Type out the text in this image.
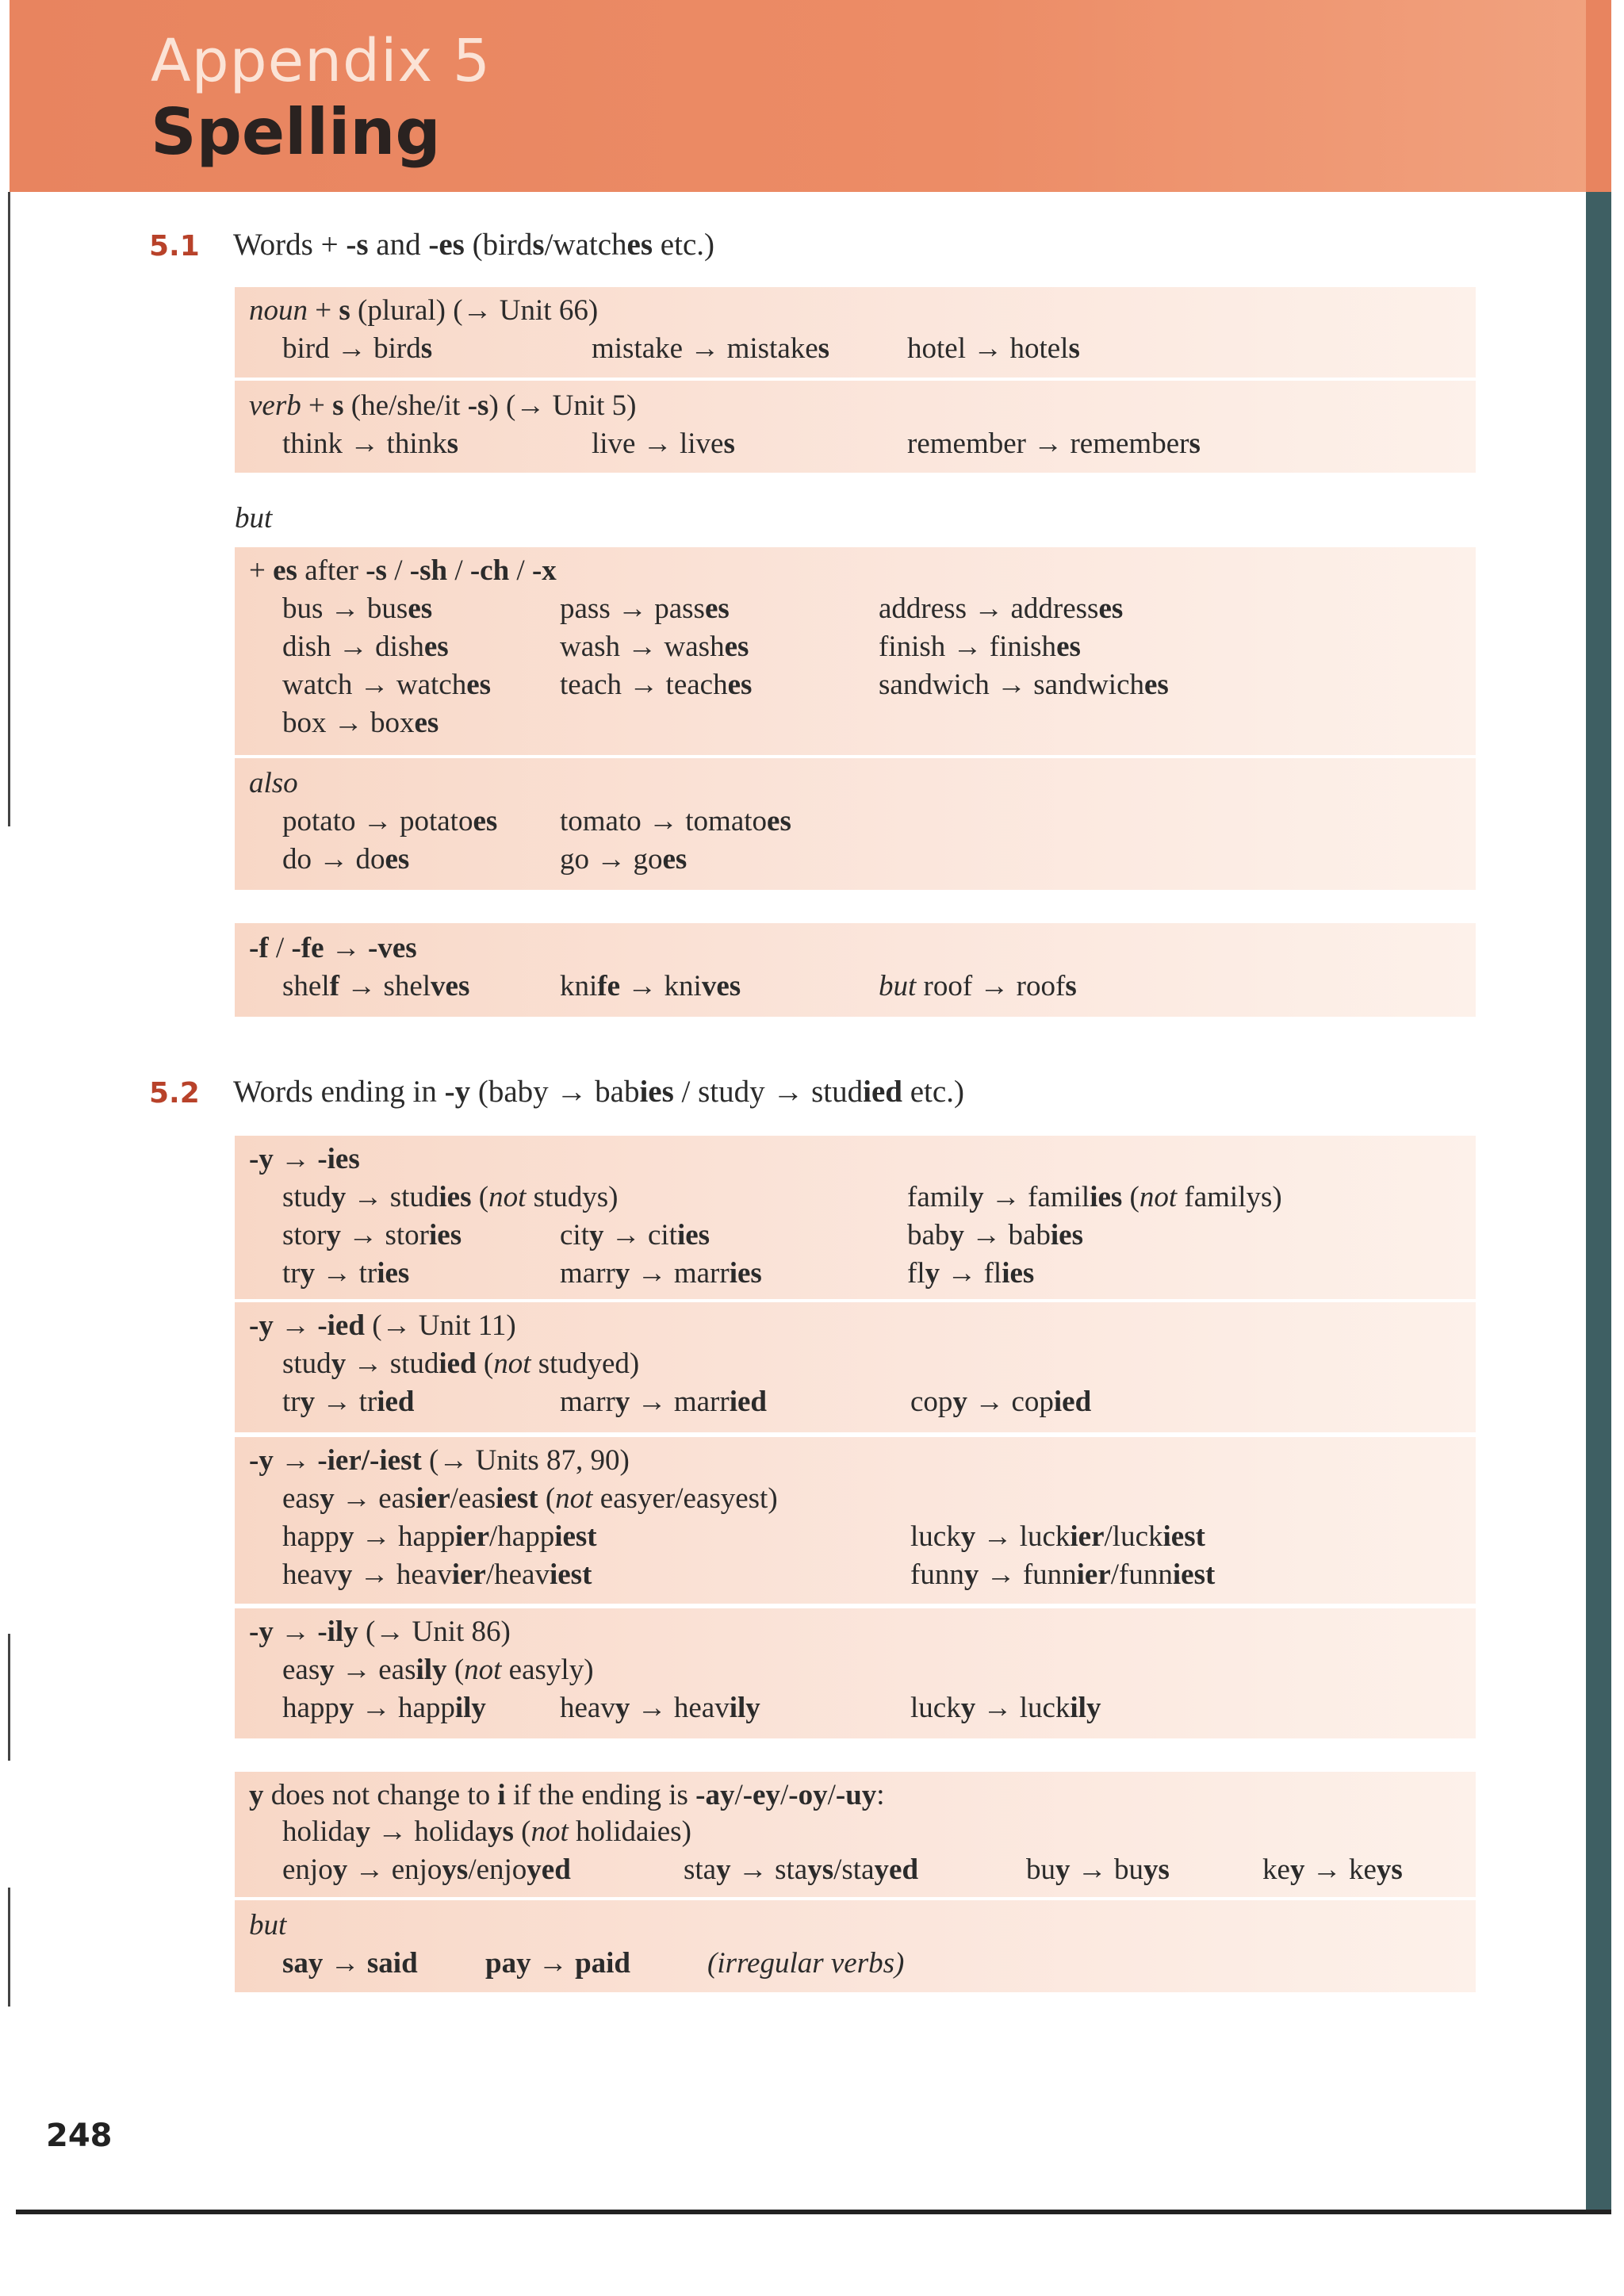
Appendix 5
Spelling
5.1 Words + -s and -es (birds/watches etc.)
noun + s (plural) (→ Unit 66)
bird → birds	mistake → mistakes	hotel → hotels
verb + s (he/she/it -s) (→ Unit 5)
think → thinks	live → lives	remember → remembers
but
+ es after -s / -sh / -ch / -x
bus → buses	pass → passes	address → addresses
dish → dishes	wash → washes	finish → finishes
watch → watches teach → teaches	sandwich → sandwiches
box → boxes
also
potato → potatoes tomato → tomatoes
do → does	go → goes
-f / -fe → -ves
shelf → shelves	knife → knives	but roof → roofs
5.2 Words ending in -y (baby → babies / study → studied etc.)
-y → -ies
study → studies (not studys)	family → families (not familys)
story → stories	city → cities	baby → babies
try → tries	marry → marries	fly → flies
-y → -ied (→ Unit 11)
study → studied (not studyed)
try → tried	marry → married	copy → copied
-y → -ier/-iest (→ Units 87, 90)
easy → easier/easiest (not easyer/easyest)
happy → happier/happiest	lucky → luckier/luckiest
heavy → heavier/heaviest	funny → funnier/funniest
-y → -ily (→ Unit 86)
easy → easily (not easyly)
happy → happily	heavy → heavily	lucky → luckily
y does not change to i if the ending is -ay/-ey/-oy/-uy:
holiday → holidays (not holidaies)
enjoy → enjoys/enjoyed	stay → stays/stayed	buy → buys	key → keys
but
say → said pay → paid	(irregular verbs)
248
